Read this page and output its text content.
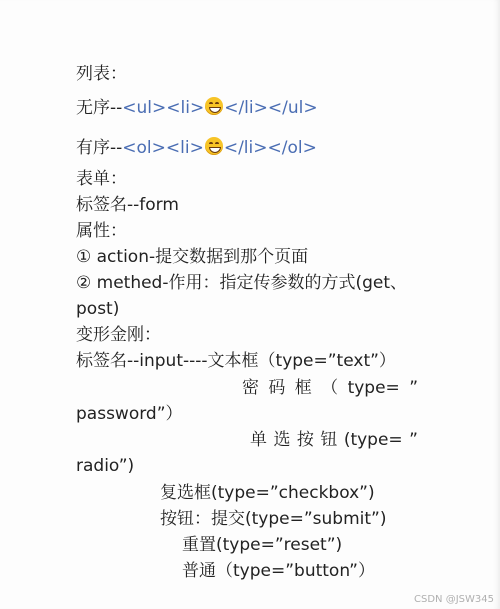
列表：
无序--<ul><li> </li></ul>
有序--<ol><li> </li></ol>
表单：
标签名--form
属性：
① action-提交数据到那个页面
② methed-作用：指定传参数的方式(get、
post)
变形金刚：
标签名--input----文本框（type=”text”）
密 码 框 （ type= ”
password”）
单 选 按 钮 (type= ”
radio”)
复选框(type=”checkbox”)
按钮：提交(type=”submit”)
重置(type=”reset”)
普通（type=”button”）
CSDN @JSW345
